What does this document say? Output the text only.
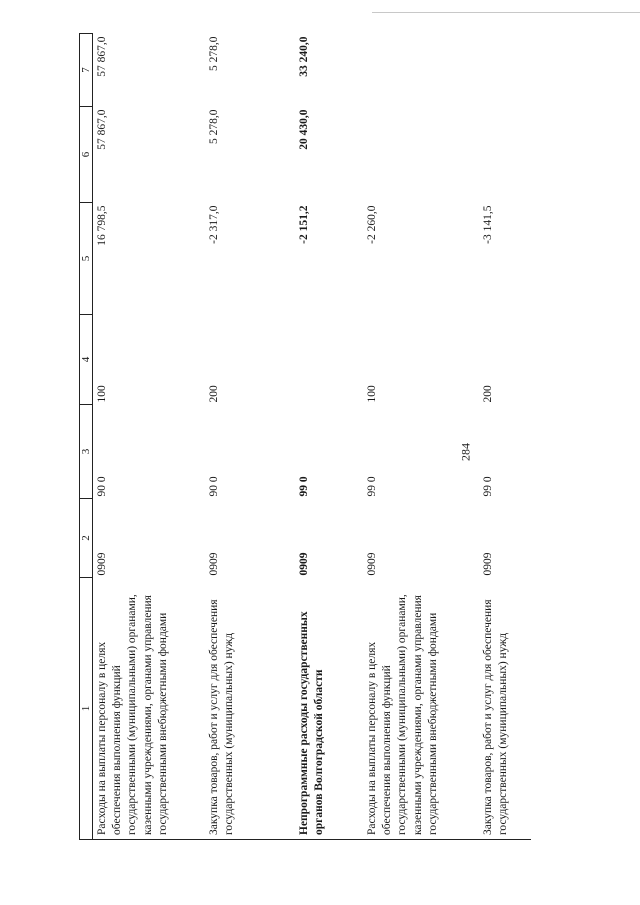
284
1	2	3	4	5	6	7
Расходы на выплаты персоналу в целях обеспечения выполнения функций государственными (муниципальными) органами, казенными учреждениями, органами управления государственными внебюджетными фондами	0909	90 0	100	16 798,5	57 867,0	57 867,0
Закупка товаров, работ и услуг для обеспечения государственных (муниципальных) нужд	0909	90 0	200	-2 317,0	5 278,0	5 278,0
Непрограммные расходы государственных органов Волгоградской области	0909	99 0		-2 151,2	20 430,0	33 240,0
Расходы на выплаты персоналу в целях обеспечения выполнения функций государственными (муниципальными) органами, казенными учреждениями, органами управления государственными внебюджетными фондами	0909	99 0	100	-2 260,0		
Закупка товаров, работ и услуг для обеспечения государственных (муниципальных) нужд	0909	99 0	200	-3 141,5		
